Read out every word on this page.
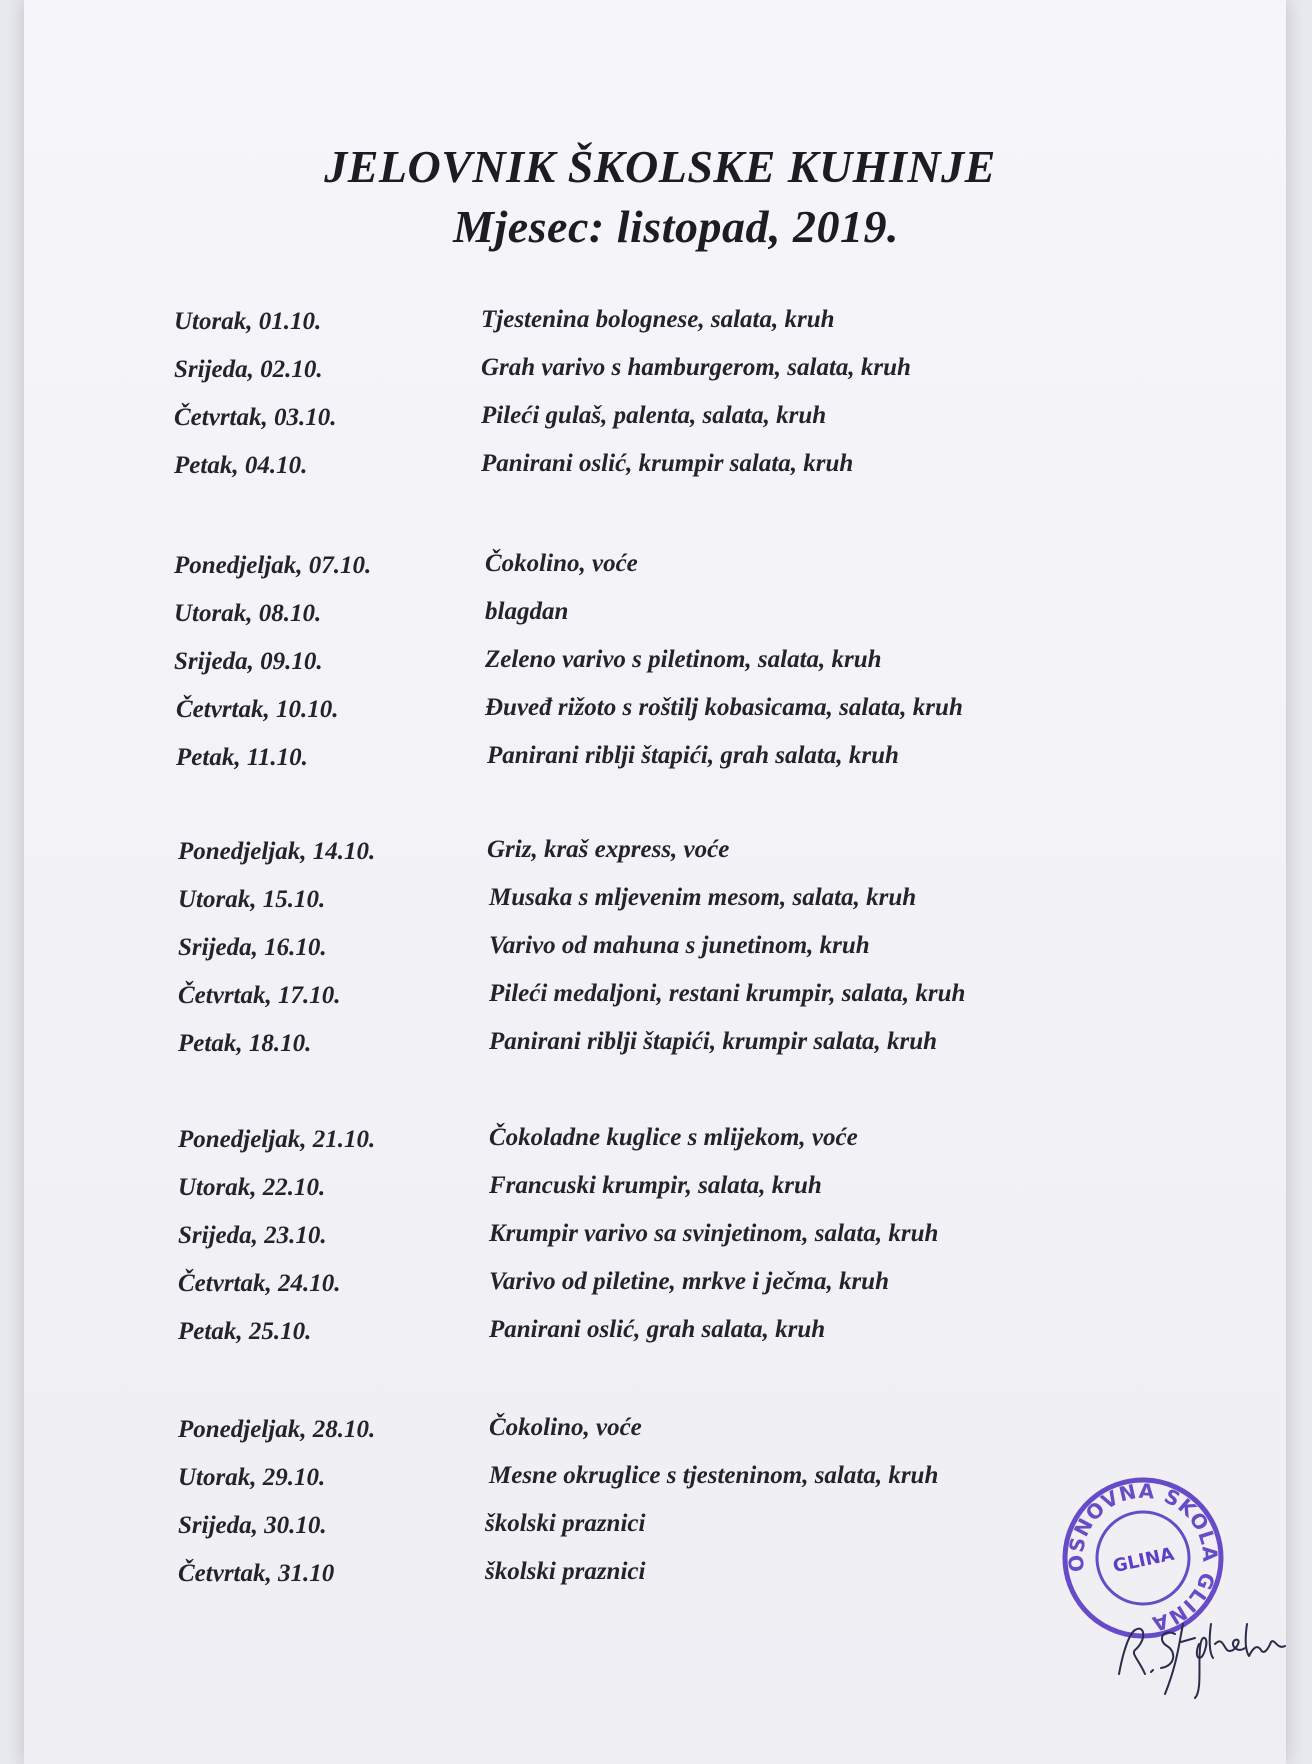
JELOVNIK ŠKOLSKE KUHINJE
Mjesec: listopad, 2019.
Utorak, 01.10.	Tjestenina bolognese, salata, kruh
Srijeda, 02.10.	Grah varivo s hamburgerom, salata, kruh
Četvrtak, 03.10.	Pileći gulaš, palenta, salata, kruh
Petak, 04.10.	Panirani oslić, krumpir salata, kruh
Ponedjeljak, 07.10.	Čokolino, voće
Utorak, 08.10.	blagdan
Srijeda, 09.10.	Zeleno varivo s piletinom, salata, kruh
Četvrtak, 10.10.	Đuveđ rižoto s roštilj kobasicama, salata, kruh
Petak, 11.10.	Panirani riblji štapići, grah salata, kruh
Ponedjeljak, 14.10.	Griz, kraš express, voće
Utorak, 15.10.	Musaka s mljevenim mesom, salata, kruh
Srijeda, 16.10.	Varivo od mahuna s junetinom, kruh
Četvrtak, 17.10.	Pileći medaljoni, restani krumpir, salata, kruh
Petak, 18.10.	Panirani riblji štapići, krumpir salata, kruh
Ponedjeljak, 21.10.	Čokoladne kuglice s mlijekom, voće
Utorak, 22.10.	Francuski krumpir, salata, kruh
Srijeda, 23.10.	Krumpir varivo sa svinjetinom, salata, kruh
Četvrtak, 24.10.	Varivo od piletine, mrkve i ječma, kruh
Petak, 25.10.	Panirani oslić, grah salata, kruh
Ponedjeljak, 28.10.	Čokolino, voće
Utorak, 29.10.	Mesne okruglice s tjesteninom, salata, kruh
Srijeda, 30.10.	školski praznici
Četvrtak, 31.10	školski praznici	OSNOVNA ŠKOLA GLINA
GLINA
R. Stjepkohor
